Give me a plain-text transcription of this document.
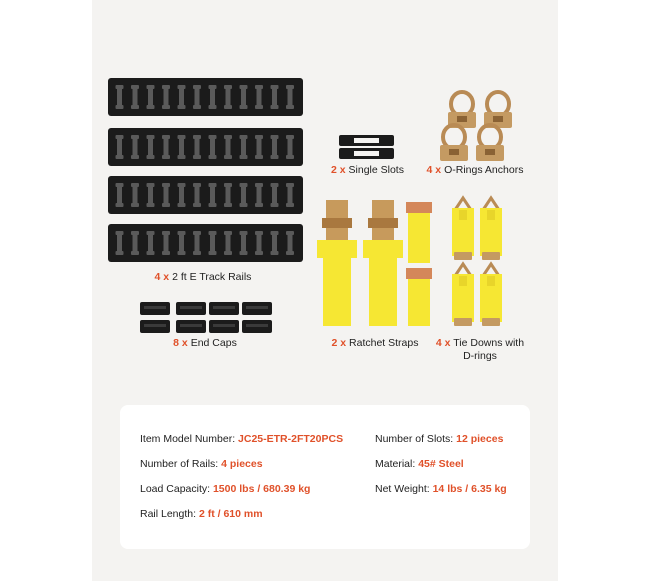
4 x 2 ft E Track Rails
2 x Single Slots	4 x O-Rings Anchors
8 x End Caps	2 x Ratchet Straps	4 x Tie Downs with
D-rings
Item Model Number: JC25-ETR-2FT20PCS	Number of Slots: 12 pieces
Number of Rails: 4 pieces	Material: 45# Steel
Load Capacity: 1500 lbs / 680.39 kg	Net Weight: 14 lbs / 6.35 kg
Rail Length: 2 ft / 610 mm
